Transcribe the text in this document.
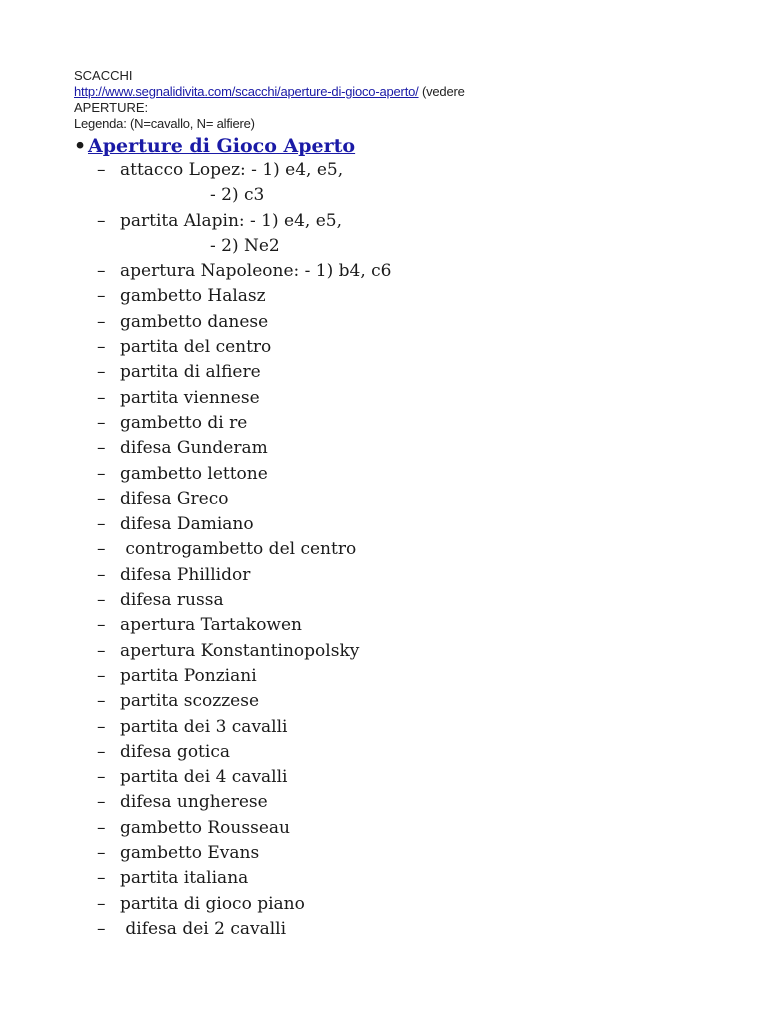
SCACCHI
http://www.segnalidivita.com/scacchi/aperture-di-gioco-aperto/ (vedere
APERTURE:
Legenda: (N=cavallo, N= alfiere)
•Aperture di Gioco Aperto
– attacco Lopez: - 1) e4, e5,
- 2) c3
– partita Alapin: - 1) e4, e5,
- 2) Ne2
– apertura Napoleone: - 1) b4, c6
– gambetto Halasz
– gambetto danese
– partita del centro
– partita di alfiere
– partita viennese
– gambetto di re
– difesa Gunderam
– gambetto lettone
– difesa Greco
– difesa Damiano
– controgambetto del centro
– difesa Phillidor
– difesa russa
– apertura Tartakowen
– apertura Konstantinopolsky
– partita Ponziani
– partita scozzese
– partita dei 3 cavalli
– difesa gotica
– partita dei 4 cavalli
– difesa ungherese
– gambetto Rousseau
– gambetto Evans
– partita italiana
– partita di gioco piano
– difesa dei 2 cavalli
